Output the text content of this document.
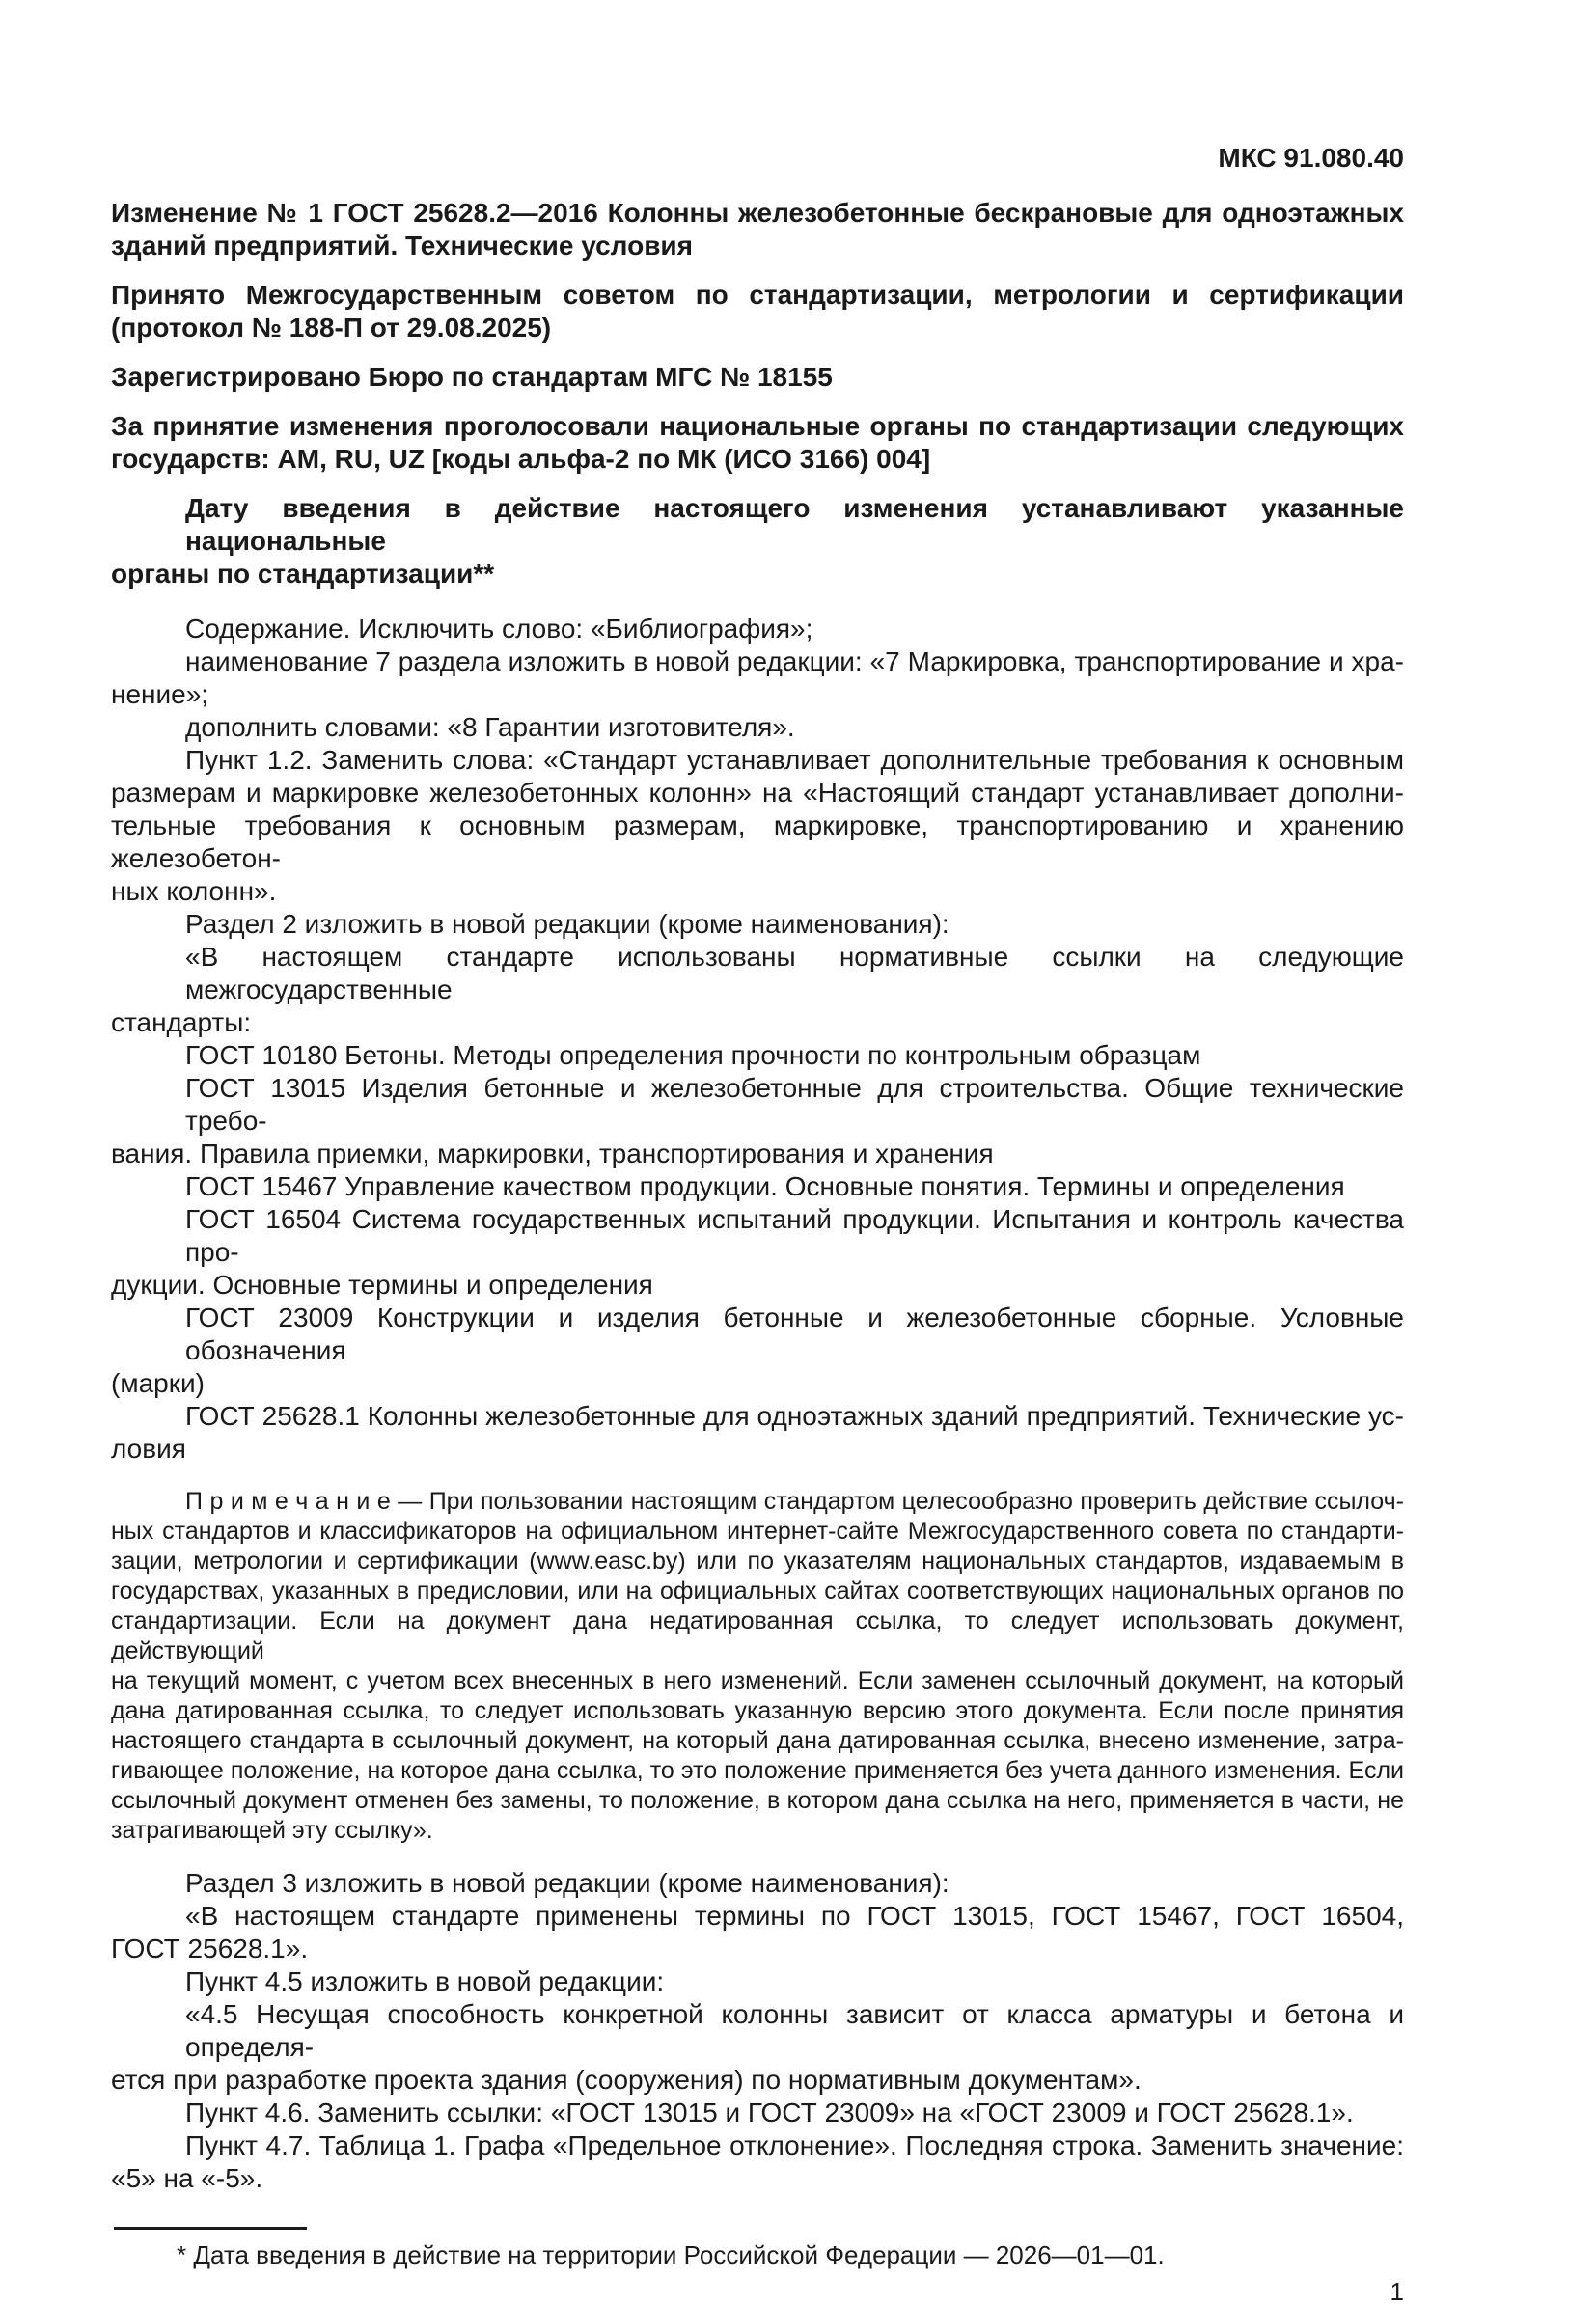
МКС 91.080.40
Изменение № 1 ГОСТ 25628.2—2016 Колонны железобетонные бескрановые для одноэтажных
зданий предприятий. Технические условия
Принято Межгосударственным советом по стандартизации, метрологии и сертификации
(протокол № 188-П от 29.08.2025)
Зарегистрировано Бюро по стандартам МГС № 18155
За принятие изменения проголосовали национальные органы по стандартизации следующих
государств: AM, RU, UZ [коды альфа-2 по МК (ИСО 3166) 004]
Дату введения в действие настоящего изменения устанавливают указанные национальные
органы по стандартизации**
Содержание. Исключить слово: «Библиография»;
наименование 7 раздела изложить в новой редакции: «7 Маркировка, транспортирование и хра-
нение»;
дополнить словами: «8 Гарантии изготовителя».
Пункт 1.2. Заменить слова: «Стандарт устанавливает дополнительные требования к основным
размерам и маркировке железобетонных колонн» на «Настоящий стандарт устанавливает дополни-
тельные требования к основным размерам, маркировке, транспортированию и хранению железобетон-
ных колонн».
Раздел 2 изложить в новой редакции (кроме наименования):
«В настоящем стандарте использованы нормативные ссылки на следующие межгосударственные
стандарты:
ГОСТ 10180 Бетоны. Методы определения прочности по контрольным образцам
ГОСТ 13015 Изделия бетонные и железобетонные для строительства. Общие технические требо-
вания. Правила приемки, маркировки, транспортирования и хранения
ГОСТ 15467 Управление качеством продукции. Основные понятия. Термины и определения
ГОСТ 16504 Система государственных испытаний продукции. Испытания и контроль качества про-
дукции. Основные термины и определения
ГОСТ 23009 Конструкции и изделия бетонные и железобетонные сборные. Условные обозначения
(марки)
ГОСТ 25628.1 Колонны железобетонные для одноэтажных зданий предприятий. Технические ус-
ловия
П р и м е ч а н и е — При пользовании настоящим стандартом целесообразно проверить действие ссылоч-
ных стандартов и классификаторов на официальном интернет-сайте Межгосударственного совета по стандарти-
зации, метрологии и сертификации (www.easc.by) или по указателям национальных стандартов, издаваемым в
государствах, указанных в предисловии, или на официальных сайтах соответствующих национальных органов по
стандартизации. Если на документ дана недатированная ссылка, то следует использовать документ, действующий
на текущий момент, с учетом всех внесенных в него изменений. Если заменен ссылочный документ, на который
дана датированная ссылка, то следует использовать указанную версию этого документа. Если после принятия
настоящего стандарта в ссылочный документ, на который дана датированная ссылка, внесено изменение, затра-
гивающее положение, на которое дана ссылка, то это положение применяется без учета данного изменения. Если
ссылочный документ отменен без замены, то положение, в котором дана ссылка на него, применяется в части, не
затрагивающей эту ссылку».
Раздел 3 изложить в новой редакции (кроме наименования):
«В настоящем стандарте применены термины по ГОСТ 13015, ГОСТ 15467, ГОСТ 16504,
ГОСТ 25628.1».
Пункт 4.5 изложить в новой редакции:
«4.5 Несущая способность конкретной колонны зависит от класса арматуры и бетона и определя-
ется при разработке проекта здания (сооружения) по нормативным документам».
Пункт 4.6. Заменить ссылки: «ГОСТ 13015 и ГОСТ 23009» на «ГОСТ 23009 и ГОСТ 25628.1».
Пункт 4.7. Таблица 1. Графа «Предельное отклонение». Последняя строка. Заменить значение:
«5» на «-5».
* Дата введения в действие на территории Российской Федерации — 2026—01—01.
1
